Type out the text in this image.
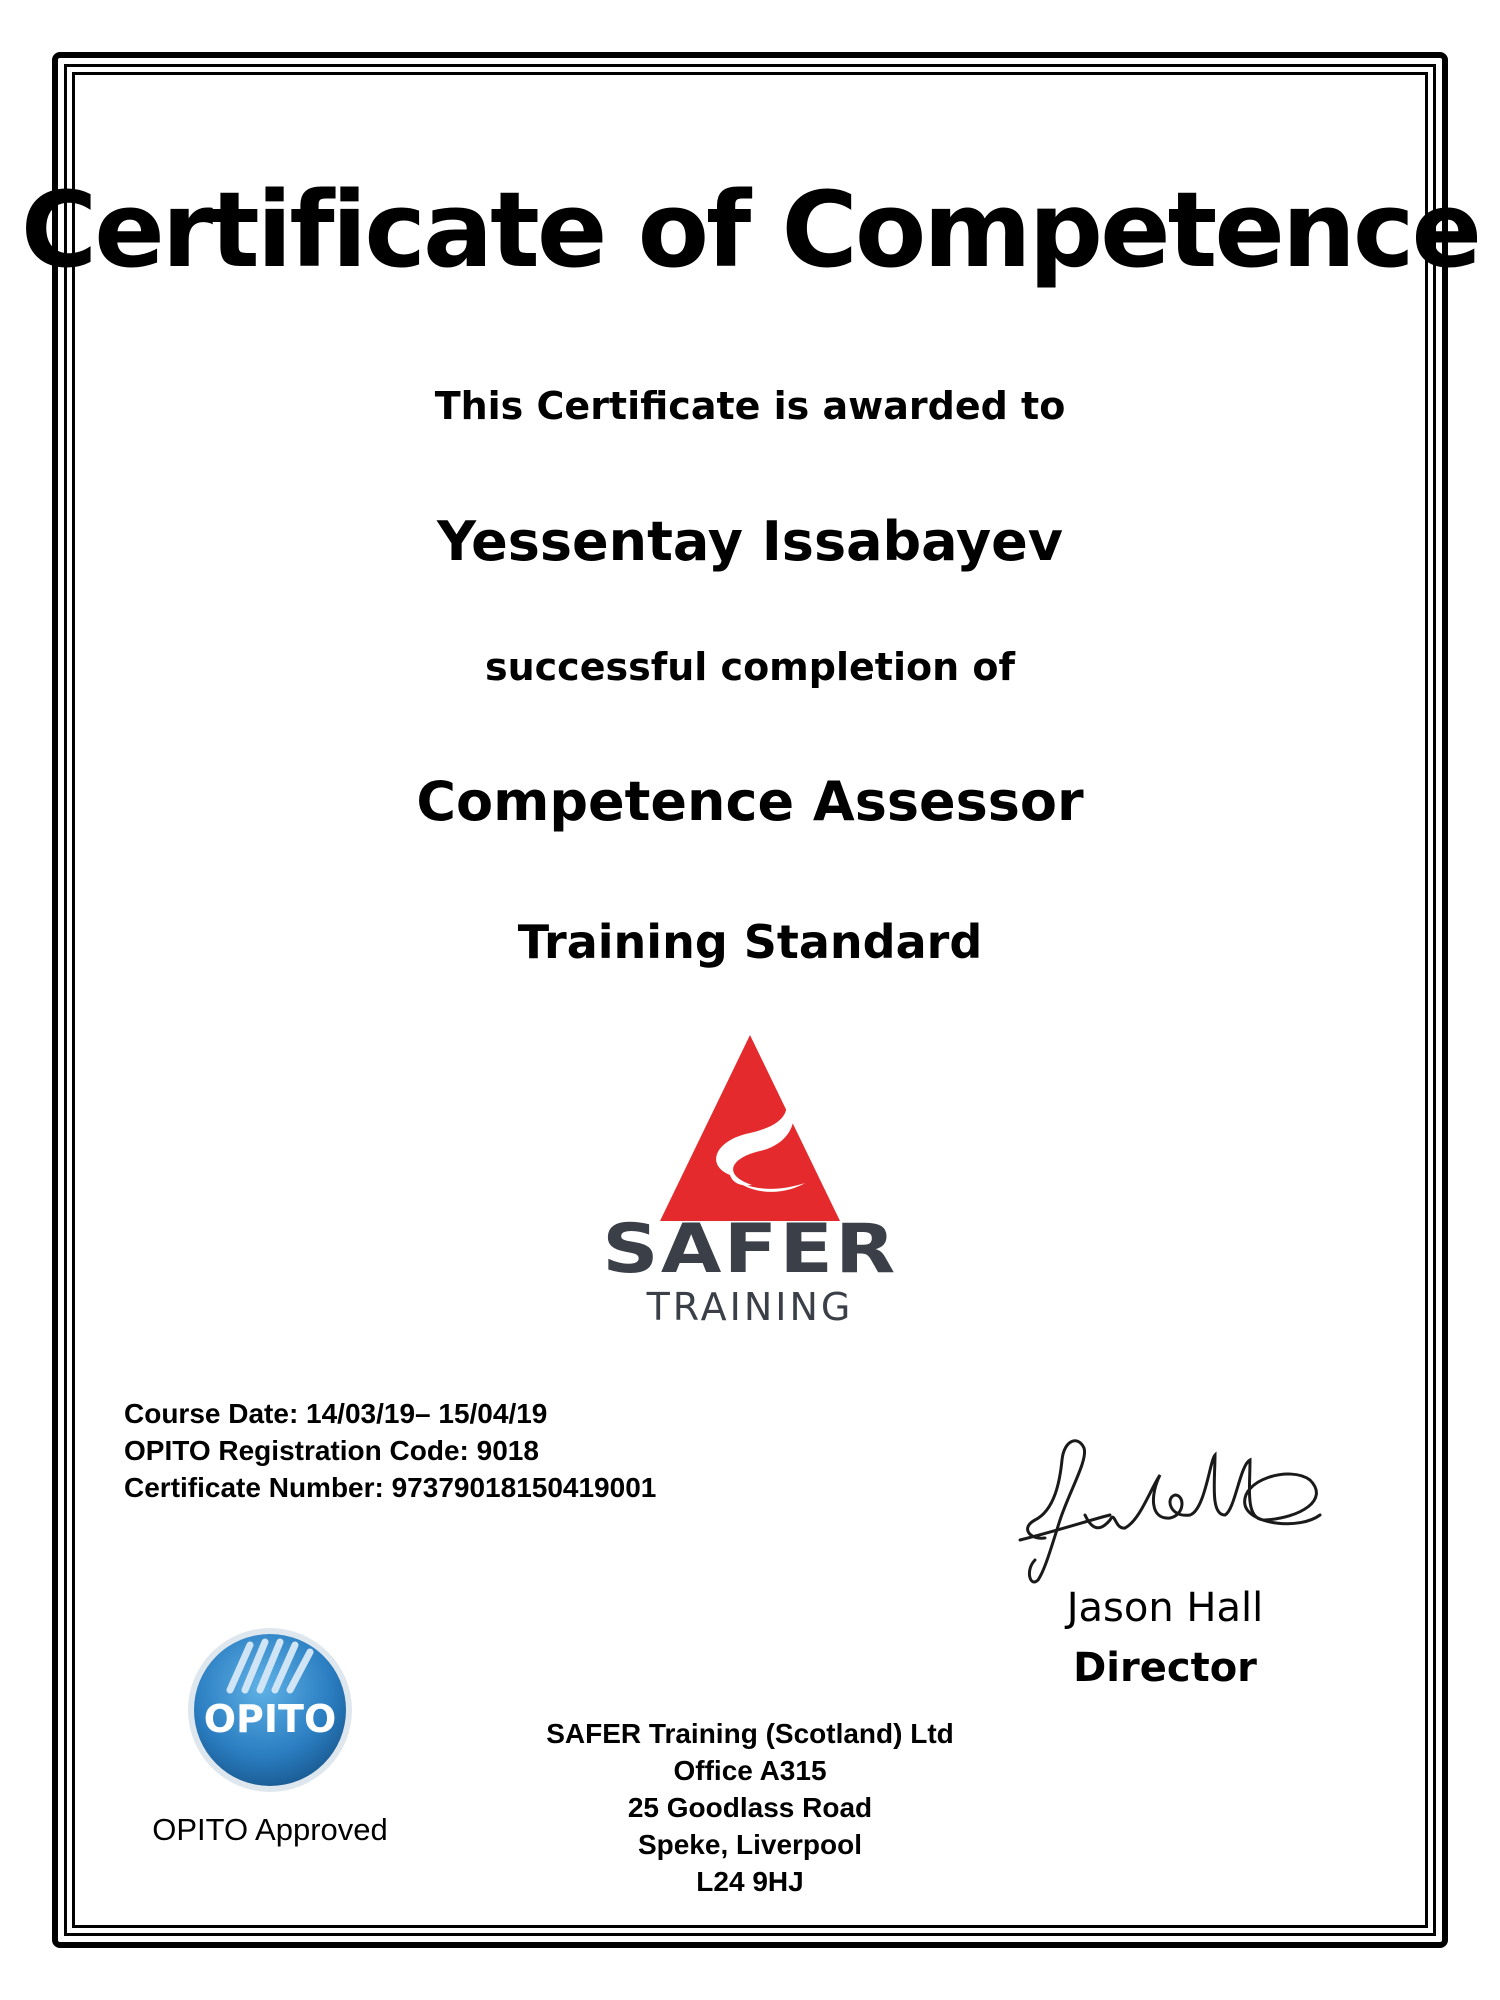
Certificate of Competence
This Certificate is awarded to
Yessentay Issabayev
successful completion of
Competence Assessor
Training Standard
SAFER
TRAINING
Course Date: 14/03/19– 15/04/19
OPITO Registration Code: 9018
Certificate Number: 97379018150419001
Jason Hall
Director
OPITO
OPITO Approved
SAFER Training (Scotland) Ltd
Office A315
25 Goodlass Road
Speke, Liverpool
L24 9HJ
